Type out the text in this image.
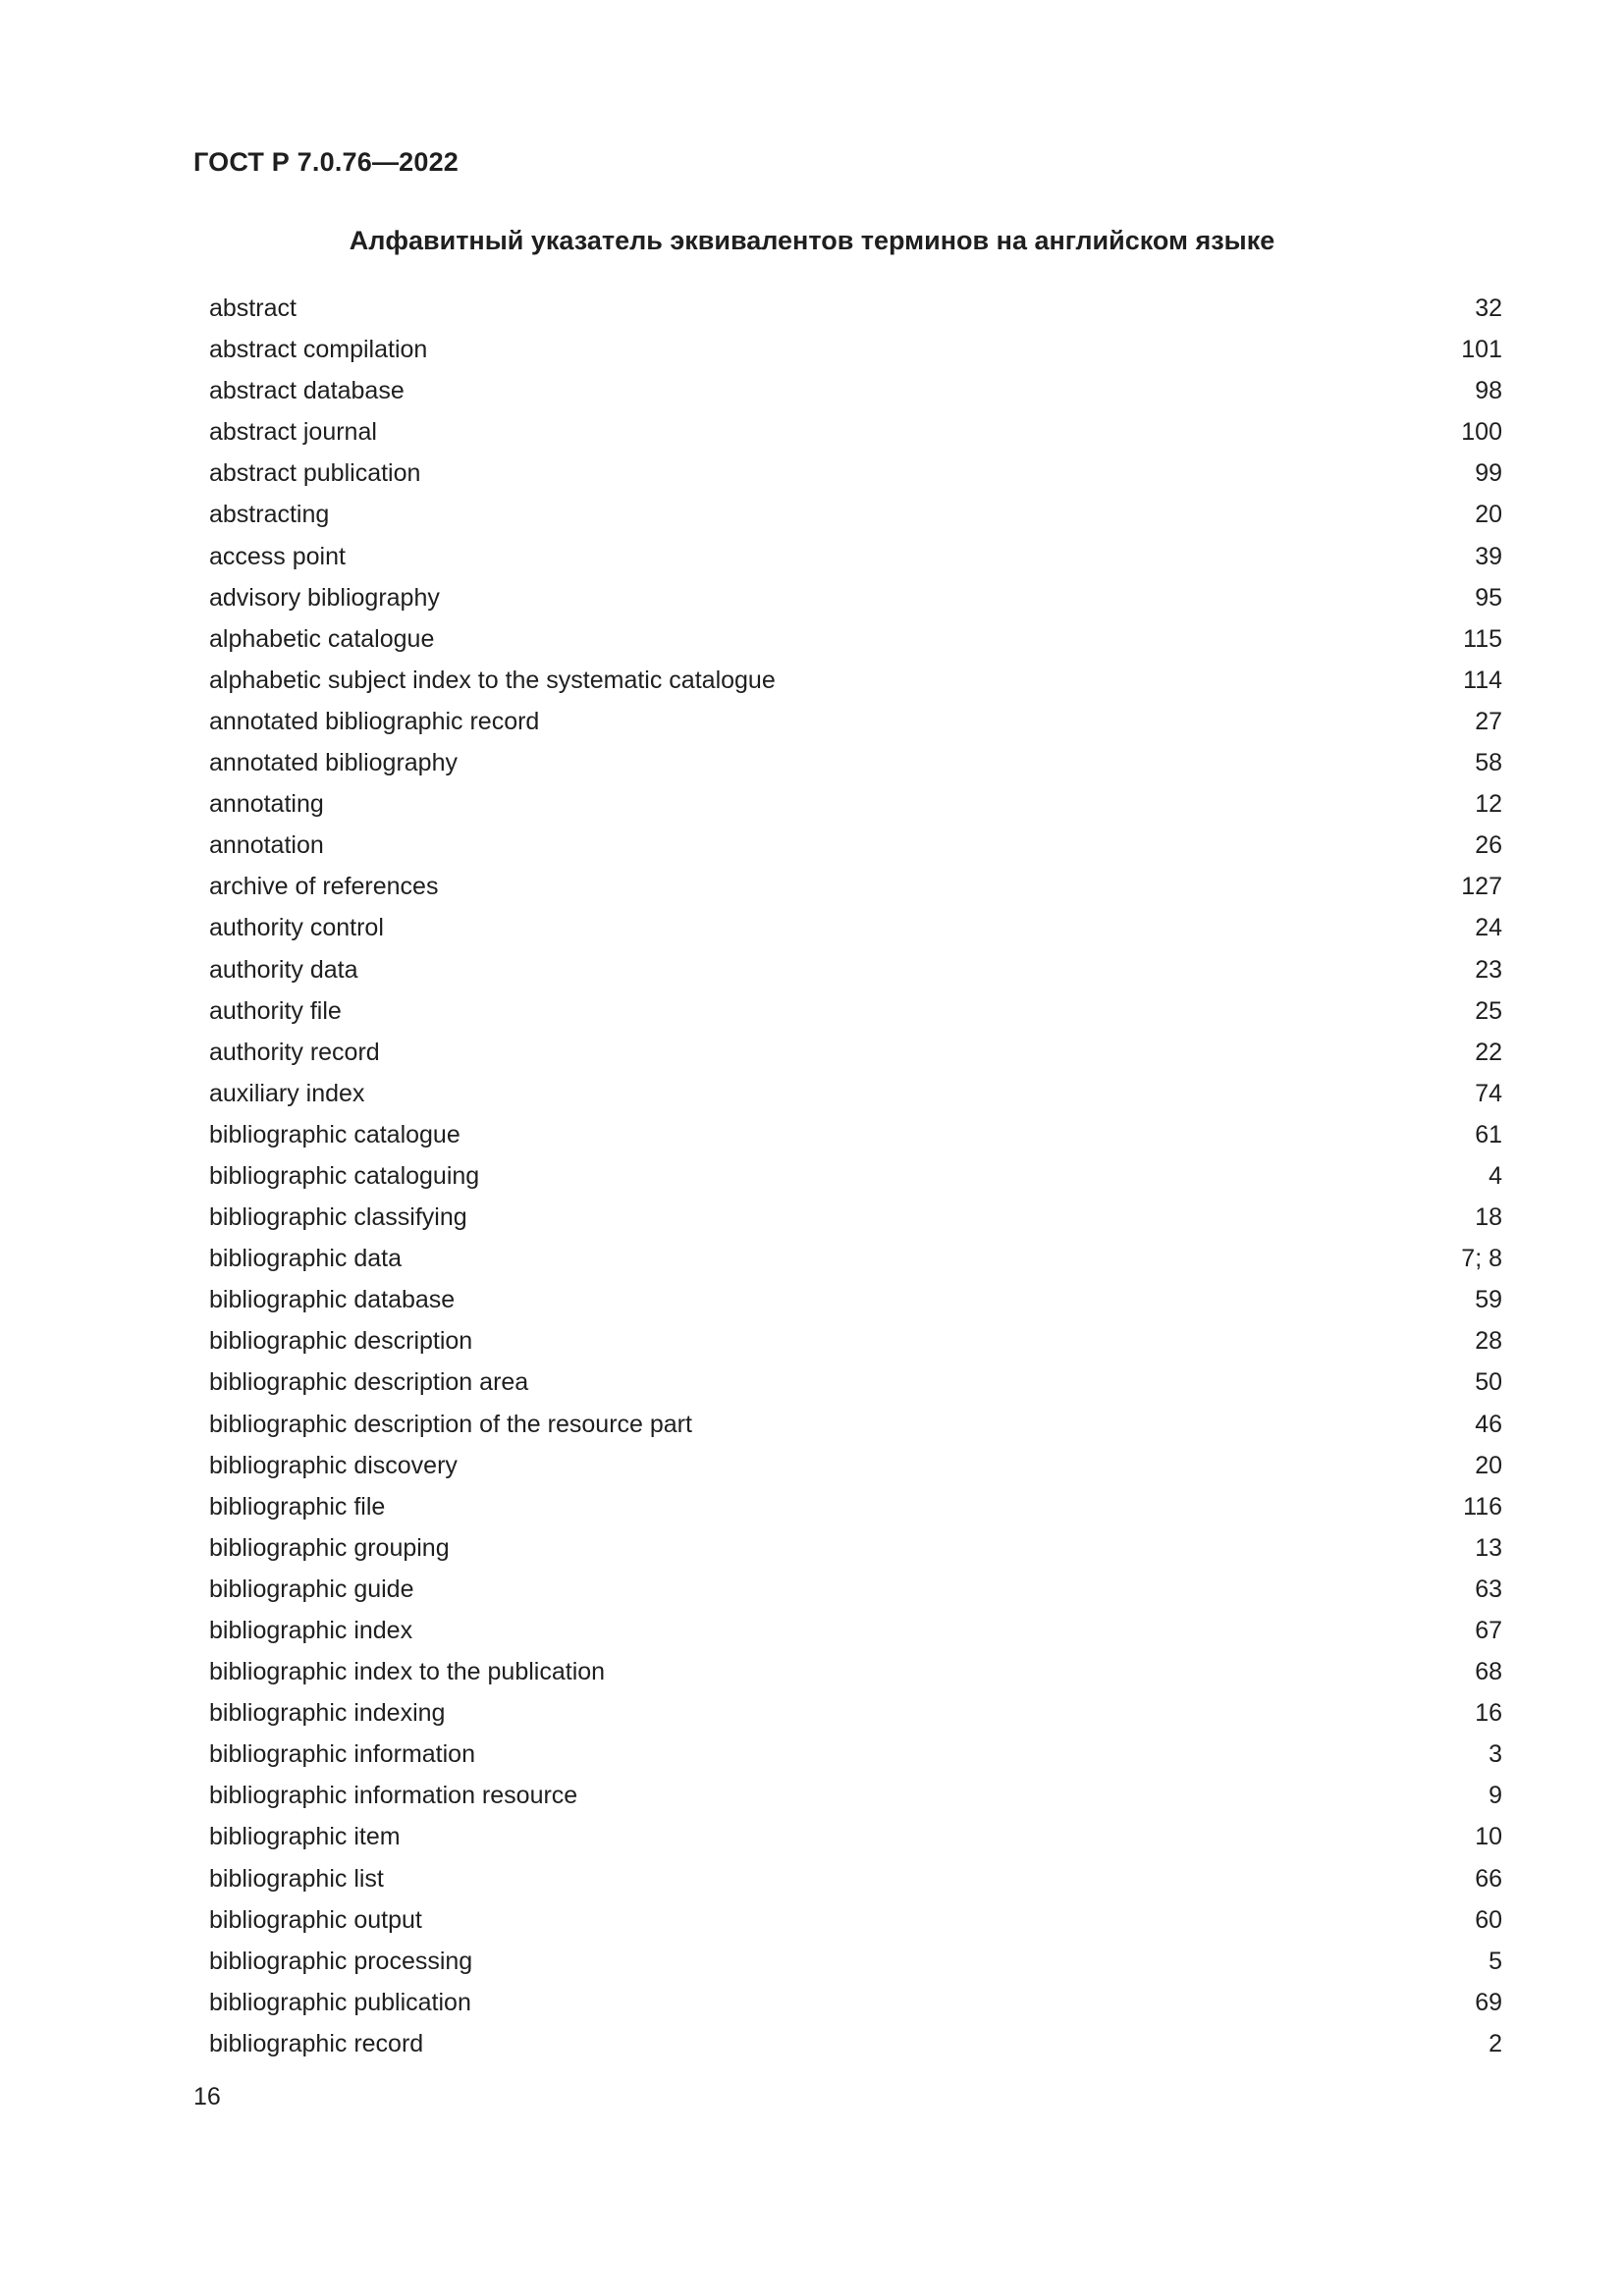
ГОСТ Р 7.0.76—2022
Алфавитный указатель эквивалентов терминов на английском языке
abstract	32
abstract compilation	101
abstract database	98
abstract journal	100
abstract publication	99
abstracting	20
access point	39
advisory bibliography	95
alphabetic catalogue	115
alphabetic subject index to the systematic catalogue	114
annotated bibliographic record	27
annotated bibliography	58
annotating	12
annotation	26
archive of references	127
authority control	24
authority data	23
authority file	25
authority record	22
auxiliary index	74
bibliographic catalogue	61
bibliographic cataloguing	4
bibliographic classifying	18
bibliographic data	7; 8
bibliographic database	59
bibliographic description	28
bibliographic description area	50
bibliographic description of the resource part	46
bibliographic discovery	20
bibliographic file	116
bibliographic grouping	13
bibliographic guide	63
bibliographic index	67
bibliographic index to the publication	68
bibliographic indexing	16
bibliographic information	3
bibliographic information resource	9
bibliographic item	10
bibliographic list	66
bibliographic output	60
bibliographic processing	5
bibliographic publication	69
bibliographic record	2
16
